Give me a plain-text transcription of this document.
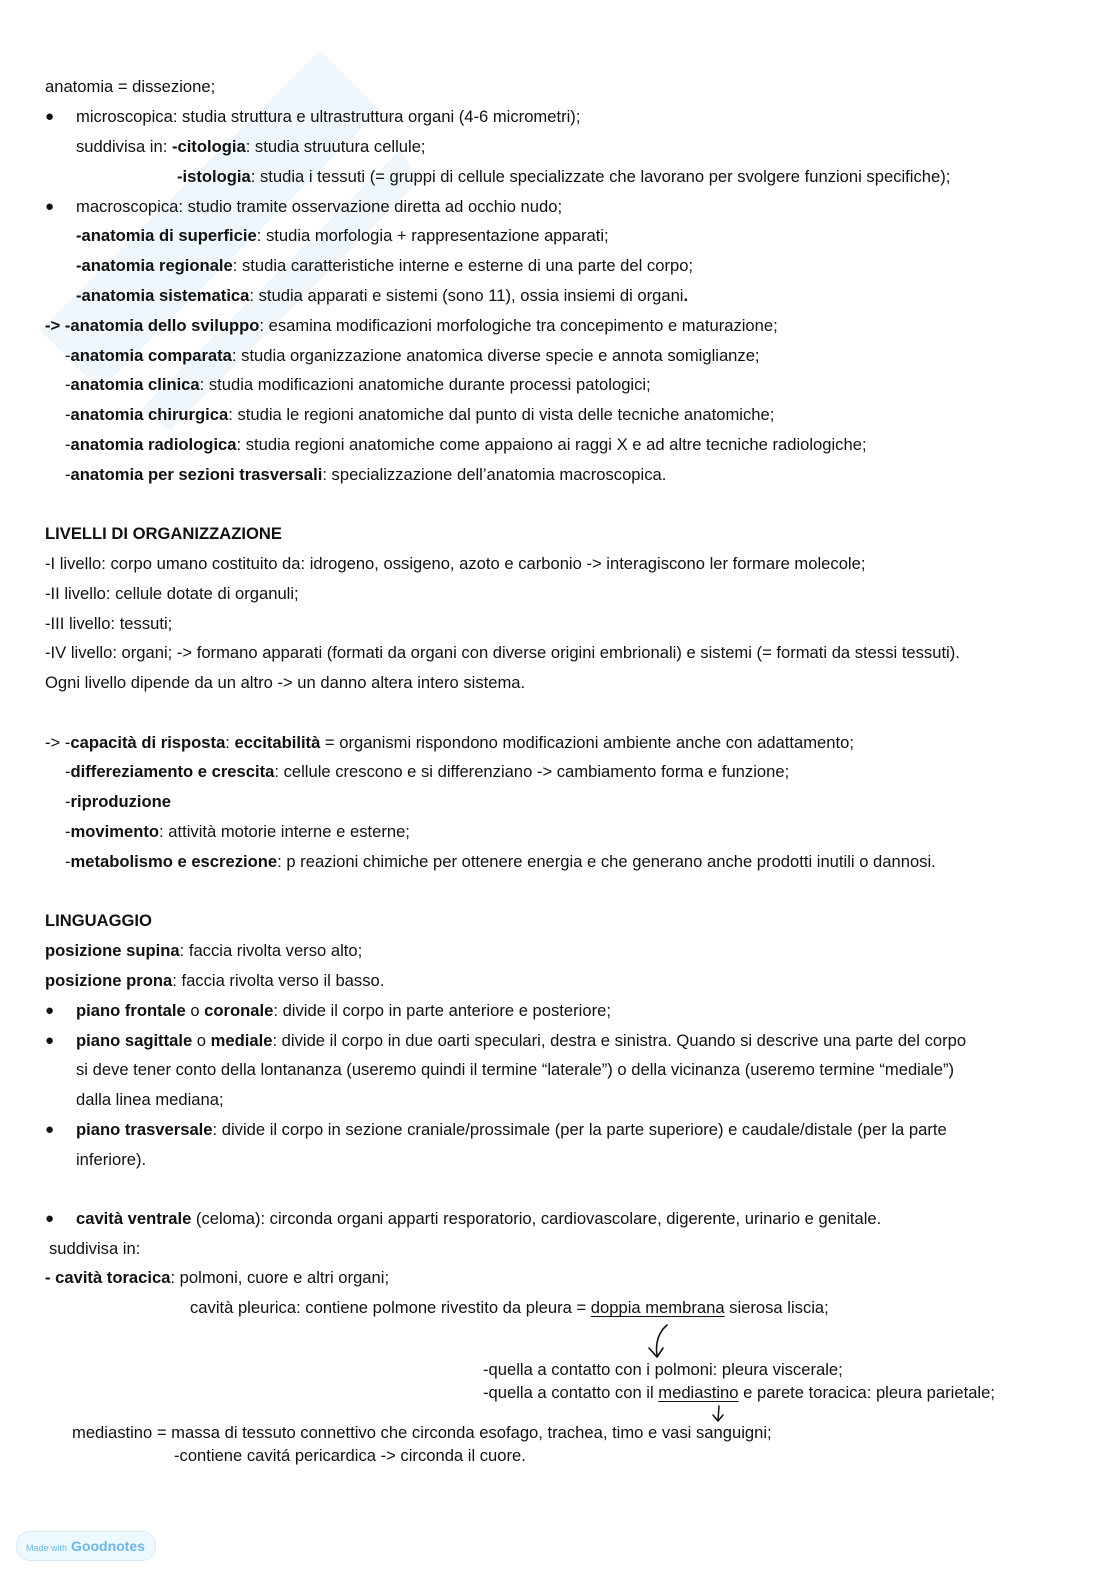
anatomia = dissezione;
● microscopica: studia struttura e ultrastruttura organi (4-6 micrometri);
suddivisa in: -citologia: studia struutura cellule;
-istologia: studia i tessuti (= gruppi di cellule specializzate che lavorano per svolgere funzioni specifiche);
● macroscopica: studio tramite osservazione diretta ad occhio nudo;
-anatomia di superficie: studia morfologia + rappresentazione apparati;
-anatomia regionale: studia caratteristiche interne e esterne di una parte del corpo;
-anatomia sistematica: studia apparati e sistemi (sono 11), ossia insiemi di organi.
-> -anatomia dello sviluppo: esamina modificazioni morfologiche tra concepimento e maturazione;
-anatomia comparata: studia organizzazione anatomica diverse specie e annota somiglianze;
-anatomia clinica: studia modificazioni anatomiche durante processi patologici;
-anatomia chirurgica: studia le regioni anatomiche dal punto di vista delle tecniche anatomiche;
-anatomia radiologica: studia regioni anatomiche come appaiono ai raggi X e ad altre tecniche radiologiche;
-anatomia per sezioni trasversali: specializzazione dell’anatomia macroscopica.
LIVELLI DI ORGANIZZAZIONE
-I livello: corpo umano costituito da: idrogeno, ossigeno, azoto e carbonio -> interagiscono ler formare molecole;
-II livello: cellule dotate di organuli;
-III livello: tessuti;
-IV livello: organi; -> formano apparati (formati da organi con diverse origini embrionali) e sistemi (= formati da stessi tessuti).
Ogni livello dipende da un altro -> un danno altera intero sistema.
-> -capacità di risposta: eccitabilità = organismi rispondono modificazioni ambiente anche con adattamento;
-differeziamento e crescita: cellule crescono e si differenziano -> cambiamento forma e funzione;
-riproduzione
-movimento: attività motorie interne e esterne;
-metabolismo e escrezione: p reazioni chimiche per ottenere energia e che generano anche prodotti inutili o dannosi.
LINGUAGGIO
posizione supina: faccia rivolta verso alto;
posizione prona: faccia rivolta verso il basso.
● piano frontale o coronale: divide il corpo in parte anteriore e posteriore;
● piano sagittale o mediale: divide il corpo in due oarti speculari, destra e sinistra. Quando si descrive una parte del corpo
si deve tener conto della lontananza (useremo quindi il termine “laterale”) o della vicinanza (useremo termine “mediale”)
dalla linea mediana;
● piano trasversale: divide il corpo in sezione craniale/prossimale (per la parte superiore) e caudale/distale (per la parte
inferiore).
● cavità ventrale (celoma): circonda organi apparti resporatorio, cardiovascolare, digerente, urinario e genitale.
suddivisa in:
- cavità toracica: polmoni, cuore e altri organi;
cavità pleurica: contiene polmone rivestito da pleura = doppia membrana sierosa liscia;
-quella a contatto con i polmoni: pleura viscerale;
-quella a contatto con il mediastino e parete toracica: pleura parietale;
mediastino = massa di tessuto connettivo che circonda esofago, trachea, timo e vasi sanguigni;
-contiene cavitá pericardica -> circonda il cuore.
Made with Goodnotes
